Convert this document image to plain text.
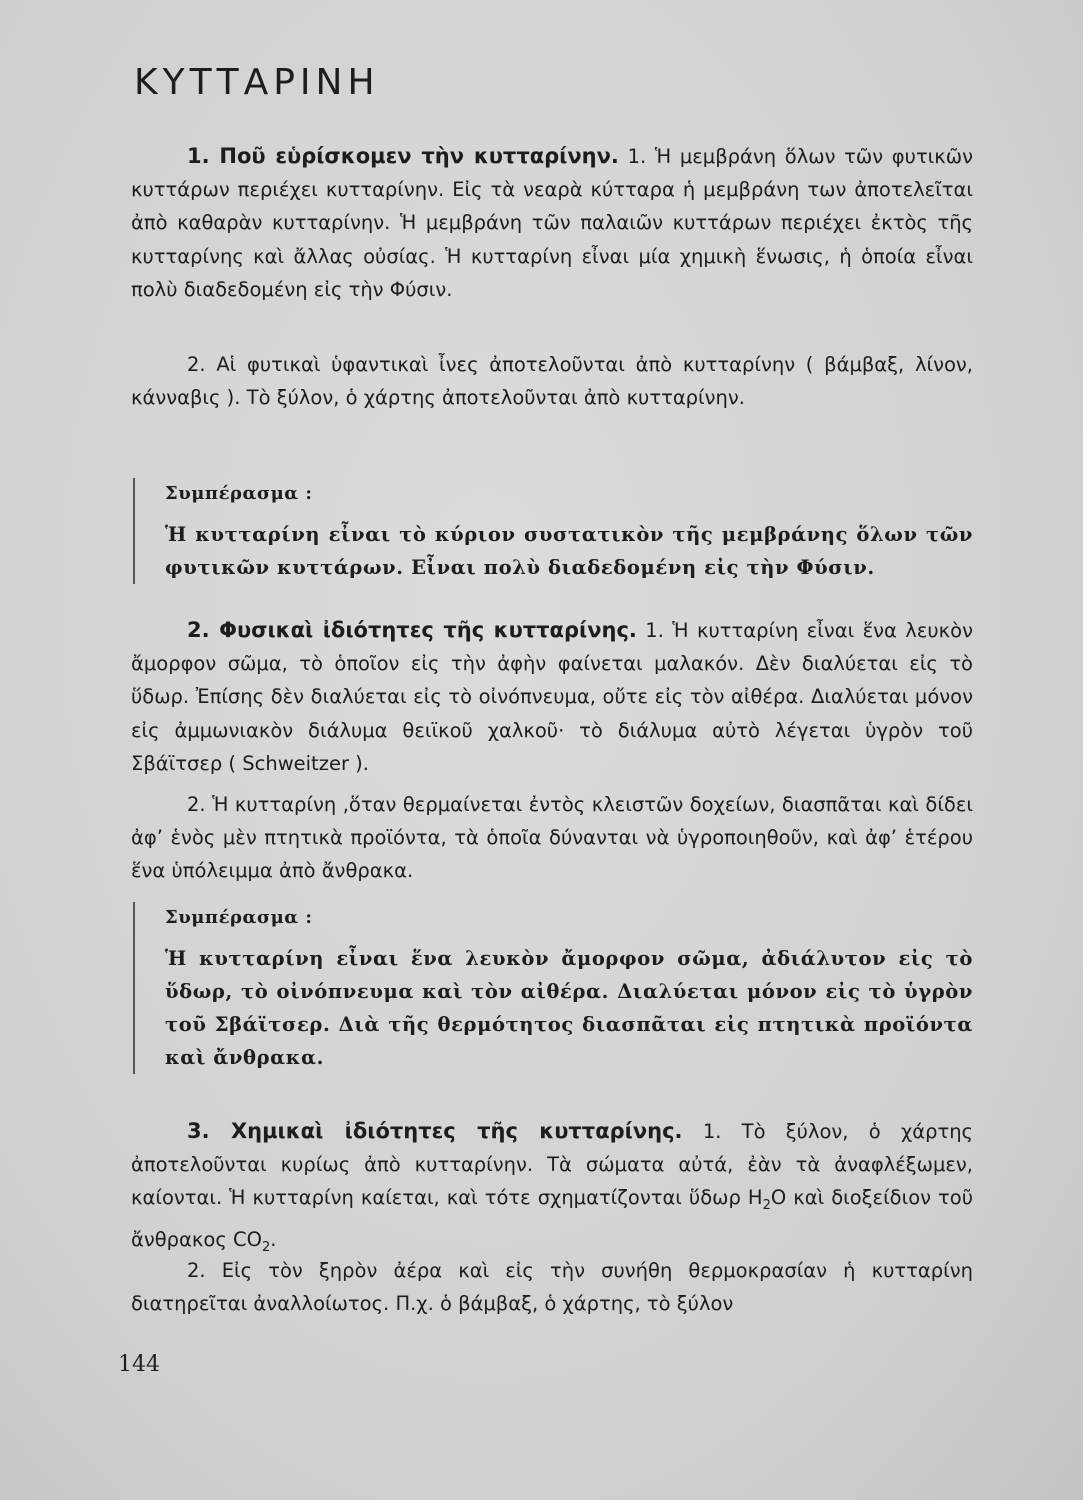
ΚΥΤΤΑΡΙΝΗ

1. Ποῦ εὑρίσκομεν τὴν κυτταρίνην. 1. Ἡ μεμβράνη ὅλων τῶν φυτικῶν κυττάρων περιέχει κυτταρίνην. Εἰς τὰ νεαρὰ κύτταρα ἡ μεμβράνη των ἀποτελεῖται ἀπὸ καθαρὰν κυτταρίνην. Ἡ μεμβράνη τῶν παλαιῶν κυττάρων περιέχει ἐκτὸς τῆς κυτταρίνης καὶ ἄλλας οὐσίας. Ἡ κυτταρίνη εἶναι μία χημικὴ ἕνωσις, ἡ ὁποία εἶναι πολὺ διαδεδομένη εἰς τὴν Φύσιν.

2. Αἱ φυτικαὶ ὑφαντικαὶ ἶνες ἀποτελοῦνται ἀπὸ κυτταρίνην ( βάμβαξ, λίνον, κάνναβις ). Τὸ ξύλον, ὁ χάρτης ἀποτελοῦνται ἀπὸ κυτταρίνην.

Συμπέρασμα :

Ἡ κυτταρίνη εἶναι τὸ κύριον συστατικὸν τῆς μεμβράνης ὅλων τῶν φυτικῶν κυττάρων. Εἶναι πολὺ διαδεδομένη εἰς τὴν Φύσιν.

2. Φυσικαὶ ἰδιότητες τῆς κυτταρίνης. 1. Ἡ κυτταρίνη εἶναι ἕνα λευκὸν ἄμορφον σῶμα, τὸ ὁποῖον εἰς τὴν ἀφὴν φαίνεται μαλακόν. Δὲν διαλύεται εἰς τὸ ὕδωρ. Ἐπίσης δὲν διαλύεται εἰς τὸ οἰνόπνευμα, οὔτε εἰς τὸν αἰθέρα. Διαλύεται μόνον εἰς ἀμμωνιακὸν διάλυμα θειϊκοῦ χαλκοῦ· τὸ διάλυμα αὐτὸ λέγεται ὑγρὸν τοῦ Σβάϊτσερ ( Schweitzer ).

2. Ἡ κυτταρίνη ,ὅταν θερμαίνεται ἐντὸς κλειστῶν δοχείων, διασπᾶται καὶ δίδει ἀφ’ ἑνὸς μὲν πτητικὰ προϊόντα, τὰ ὁποῖα δύνανται νὰ ὑγροποιηθοῦν, καὶ ἀφ’ ἑτέρου ἕνα ὑπόλειμμα ἀπὸ ἄνθρακα.

Συμπέρασμα :

Ἡ κυτταρίνη εἶναι ἕνα λευκὸν ἄμορφον σῶμα, ἀδιάλυτον εἰς τὸ ὕδωρ, τὸ οἰνόπνευμα καὶ τὸν αἰθέρα. Διαλύεται μόνον εἰς τὸ ὑγρὸν τοῦ Σβάϊτσερ. Διὰ τῆς θερμότητος διασπᾶται εἰς πτητικὰ προϊόντα καὶ ἄνθρακα.

3. Χημικαὶ ἰδιότητες τῆς κυτταρίνης. 1. Τὸ ξύλον, ὁ χάρτης ἀποτελοῦνται κυρίως ἀπὸ κυτταρίνην. Τὰ σώματα αὐτά, ἐὰν τὰ ἀναφλέξωμεν, καίονται. Ἡ κυτταρίνη καίεται, καὶ τότε σχηματίζονται ὕδωρ $H_2O$ καὶ διοξείδιον τοῦ ἄνθρακος $CO_2$.

2. Εἰς τὸν ξηρὸν ἀέρα καὶ εἰς τὴν συνήθη θερμοκρασίαν ἡ κυτταρίνη διατηρεῖται ἀναλλοίωτος. Π.χ. ὁ βάμβαξ, ὁ χάρτης, τὸ ξύλον

144
